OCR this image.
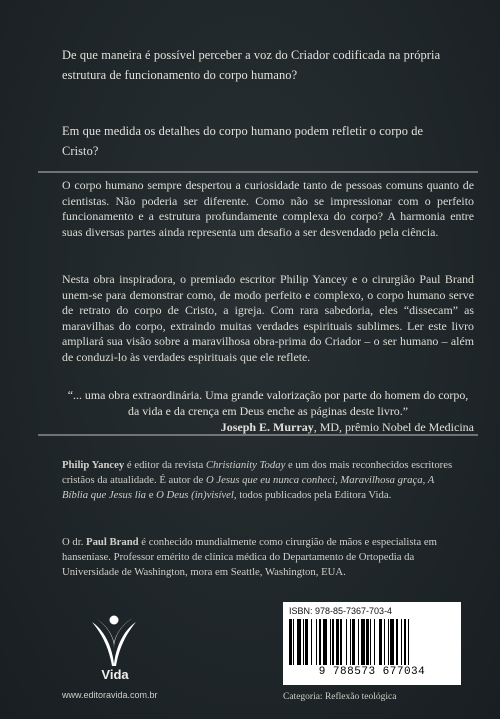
De que maneira é possível perceber a voz do Criador codificada na própria estrutura de funcionamento do corpo humano?
Em que medida os detalhes do corpo humano podem refletir o corpo de Cristo?
O corpo humano sempre despertou a curiosidade tanto de pessoas comuns quanto de cientistas. Não poderia ser diferente. Como não se impressionar com o perfeito funcionamento e a estrutura profundamente complexa do corpo? A harmonia entre suas diversas partes ainda representa um desafio a ser desvendado pela ciência.
Nesta obra inspiradora, o premiado escritor Philip Yancey e o cirurgião Paul Brand unem-se para demonstrar como, de modo perfeito e complexo, o corpo humano serve de retrato do corpo de Cristo, a igreja. Com rara sabedoria, eles “dissecam” as maravilhas do corpo, extraindo muitas verdades espirituais sublimes. Ler este livro ampliará sua visão sobre a maravilhosa obra-prima do Criador – o ser humano – além de conduzi-lo às verdades espirituais que ele reflete.
“... uma obra extraordinária. Uma grande valorização por parte do homem do corpo, da vida e da crença em Deus enche as páginas deste livro.”
Joseph E. Murray, MD, prêmio Nobel de Medicina
Philip Yancey é editor da revista Christianity Today e um dos mais reconhecidos escritores cristãos da atualidade. É autor de O Jesus que eu nunca conheci, Maravilhosa graça, A Bíblia que Jesus lia e O Deus (in)visível, todos publicados pela Editora Vida.
O dr. Paul Brand é conhecido mundialmente como cirurgião de mãos e especialista em hanseníase. Professor emérito de clínica médica do Departamento de Ortopedia da Universidade de Washington, mora em Seattle, Washington, EUA.
Vida
www.editoravida.com.br
ISBN: 978-85-7367-703-4
9 788573 677034
Categoria: Reflexão teológica
